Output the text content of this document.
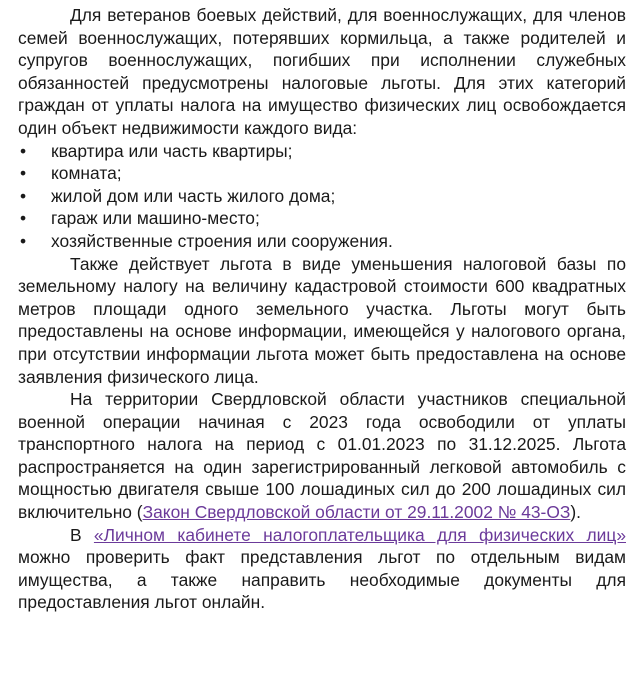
Для ветеранов боевых действий, для военнослужащих, для членов семей военнослужащих, потерявших кормильца, а также родителей и супругов военнослужащих, погибших при исполнении служебных обязанностей предусмотрены налоговые льготы. Для этих категорий граждан от уплаты налога на имущество физических лиц освобождается один объект недвижимости каждого вида:

• квартира или часть квартиры;
• комната;
• жилой дом или часть жилого дома;
• гараж или машино-место;
• хозяйственные строения или сооружения.

Также действует льгота в виде уменьшения налоговой базы по земельному налогу на величину кадастровой стоимости 600 квадратных метров площади одного земельного участка. Льготы могут быть предоставлены на основе информации, имеющейся у налогового органа, при отсутствии информации льгота может быть предоставлена на основе заявления физического лица.

На территории Свердловской области участников специальной военной операции начиная с 2023 года освободили от уплаты транспортного налога на период с 01.01.2023 по 31.12.2025. Льгота распространяется на один зарегистрированный легковой автомобиль с мощностью двигателя свыше 100 лошадиных сил до 200 лошадиных сил включительно (Закон Свердловской области от 29.11.2002 № 43-ОЗ).

В «Личном кабинете налогоплательщика для физических лиц» можно проверить факт представления льгот по отдельным видам имущества, а также направить необходимые документы для предоставления льгот онлайн.
